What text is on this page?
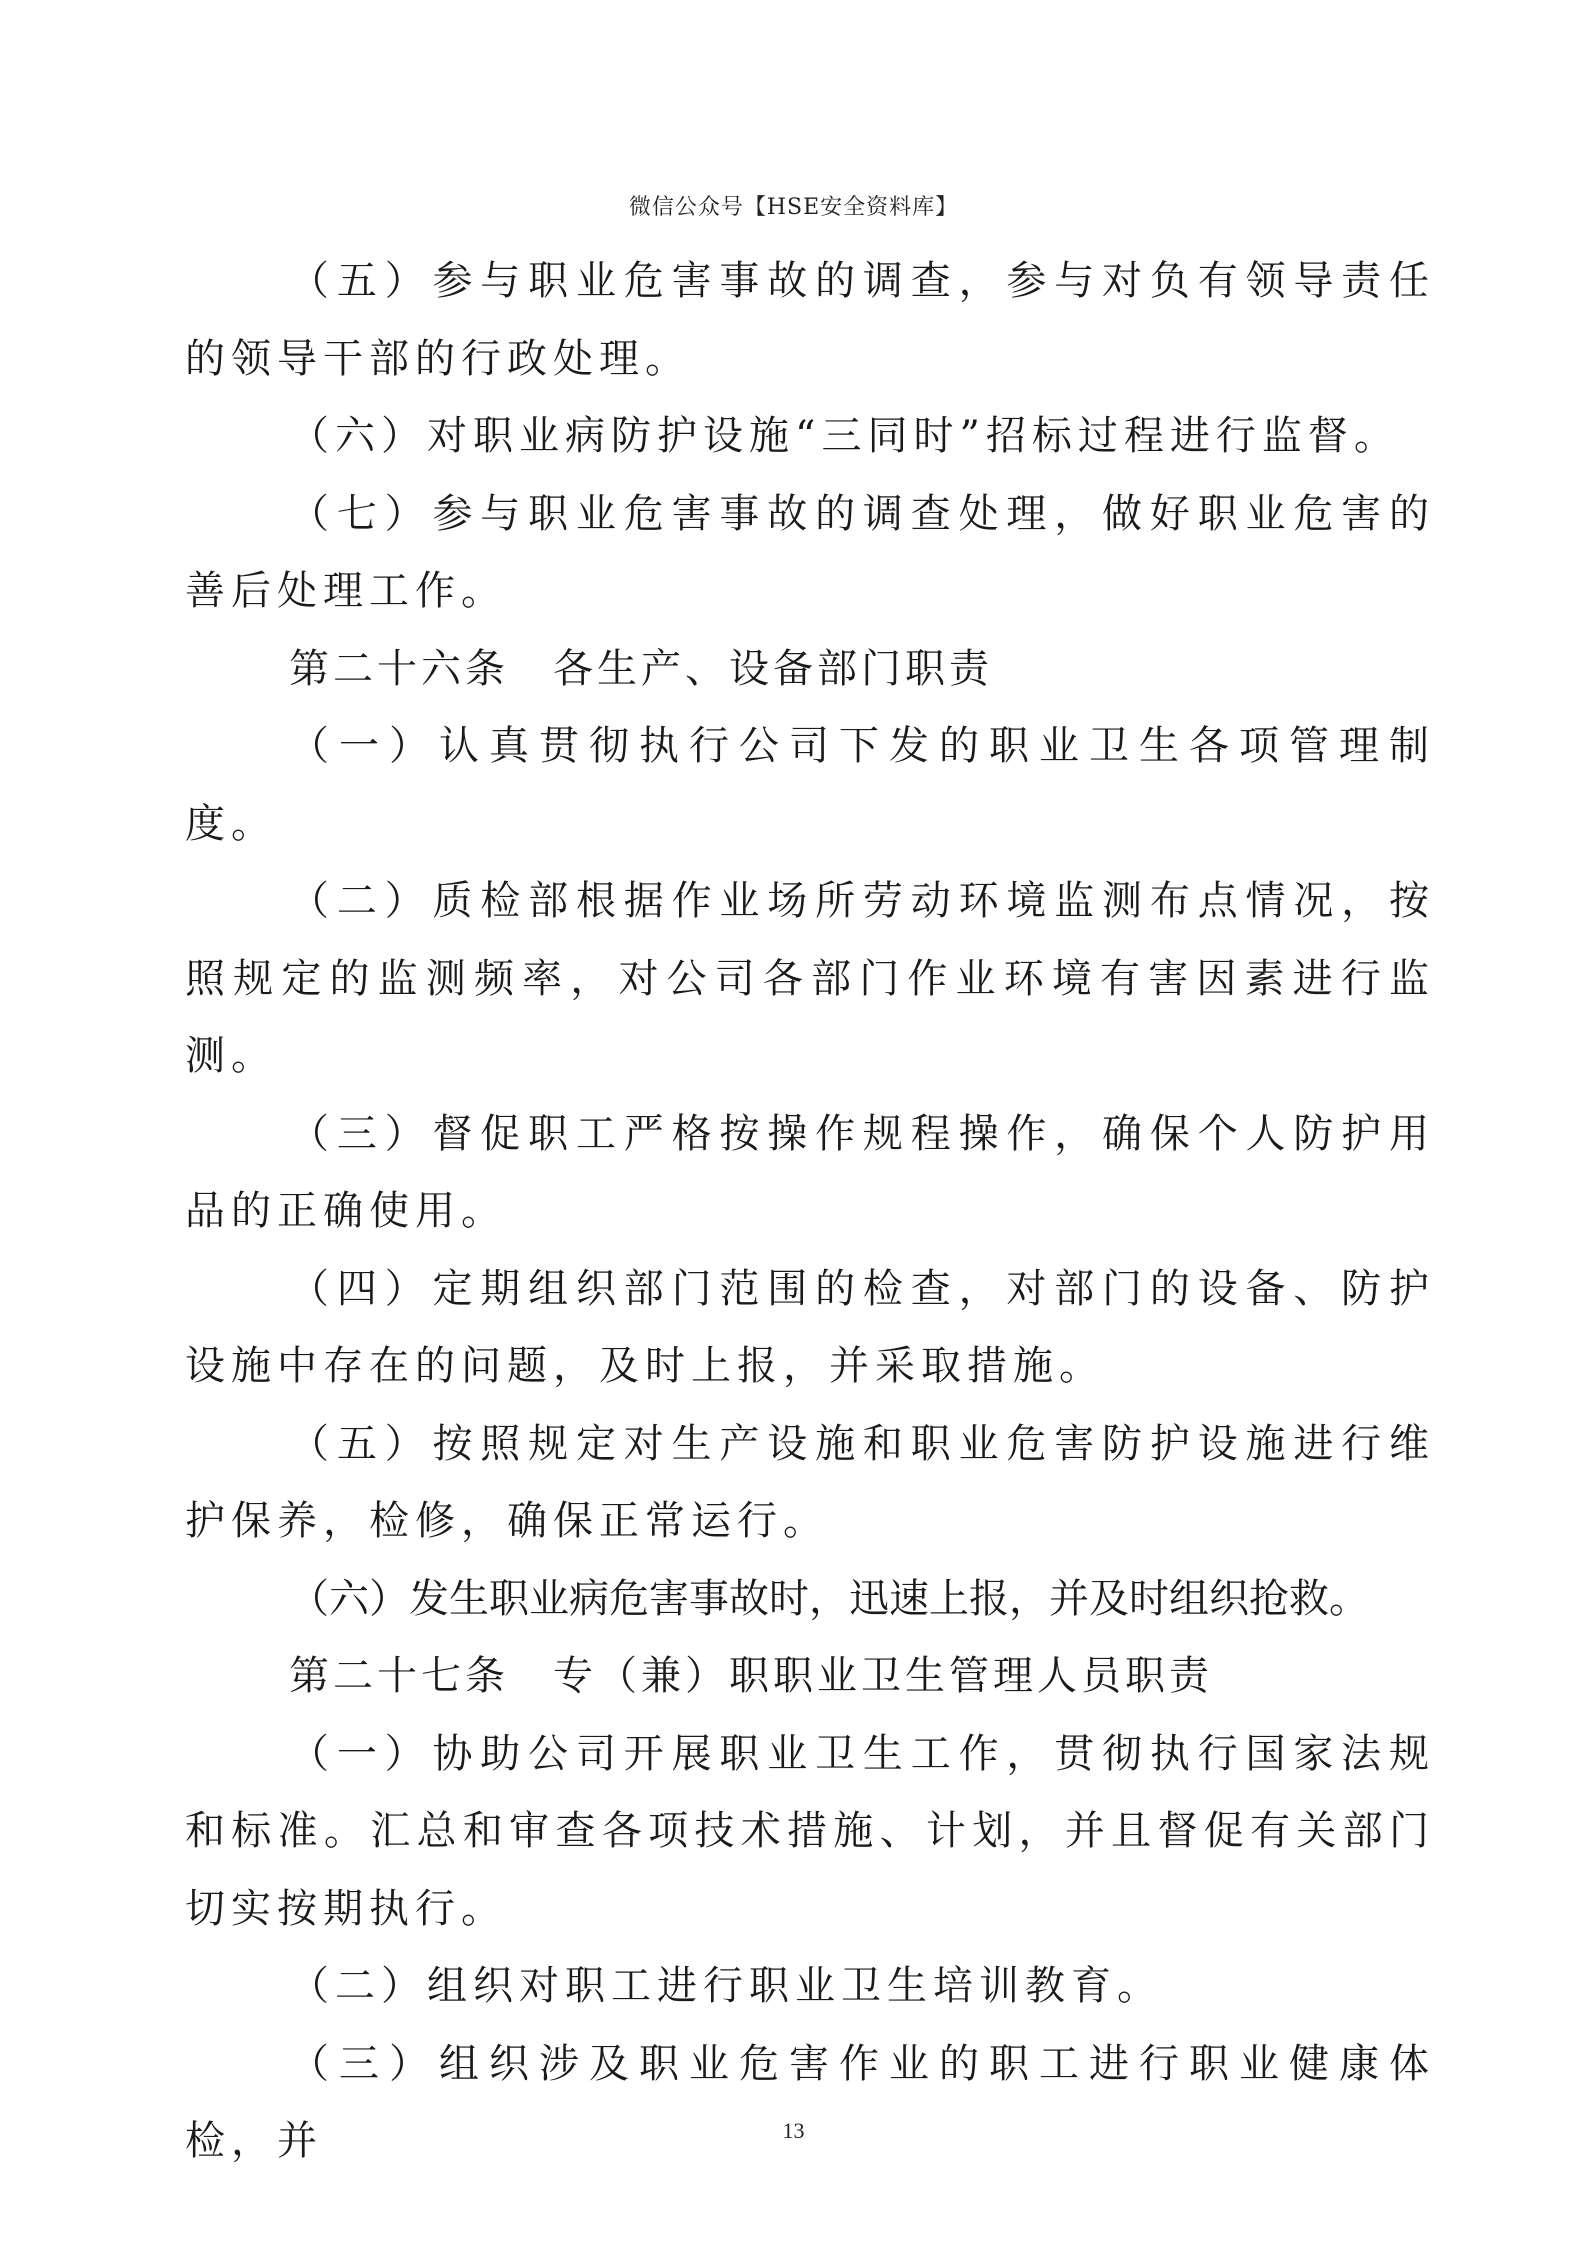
微信公众号【HSE安全资料库】

（五）参与职业危害事故的调查，参与对负有领导责任的领导干部的行政处理。

（六）对职业病防护设施“三同时”招标过程进行监督。

（七）参与职业危害事故的调查处理，做好职业危害的善后处理工作。

第二十六条　各生产、设备部门职责

（一）认真贯彻执行公司下发的职业卫生各项管理制度。

（二）质检部根据作业场所劳动环境监测布点情况，按照规定的监测频率，对公司各部门作业环境有害因素进行监测。

（三）督促职工严格按操作规程操作，确保个人防护用品的正确使用。

（四）定期组织部门范围的检查，对部门的设备、防护设施中存在的问题，及时上报，并采取措施。

（五）按照规定对生产设施和职业危害防护设施进行维护保养，检修，确保正常运行。

（六）发生职业病危害事故时，迅速上报，并及时组织抢救。

第二十七条　专（兼）职职业卫生管理人员职责

（一）协助公司开展职业卫生工作，贯彻执行国家法规和标准。汇总和审查各项技术措施、计划，并且督促有关部门切实按期执行。

（二）组织对职工进行职业卫生培训教育。

（三）组织涉及职业危害作业的职工进行职业健康体检，并	13
